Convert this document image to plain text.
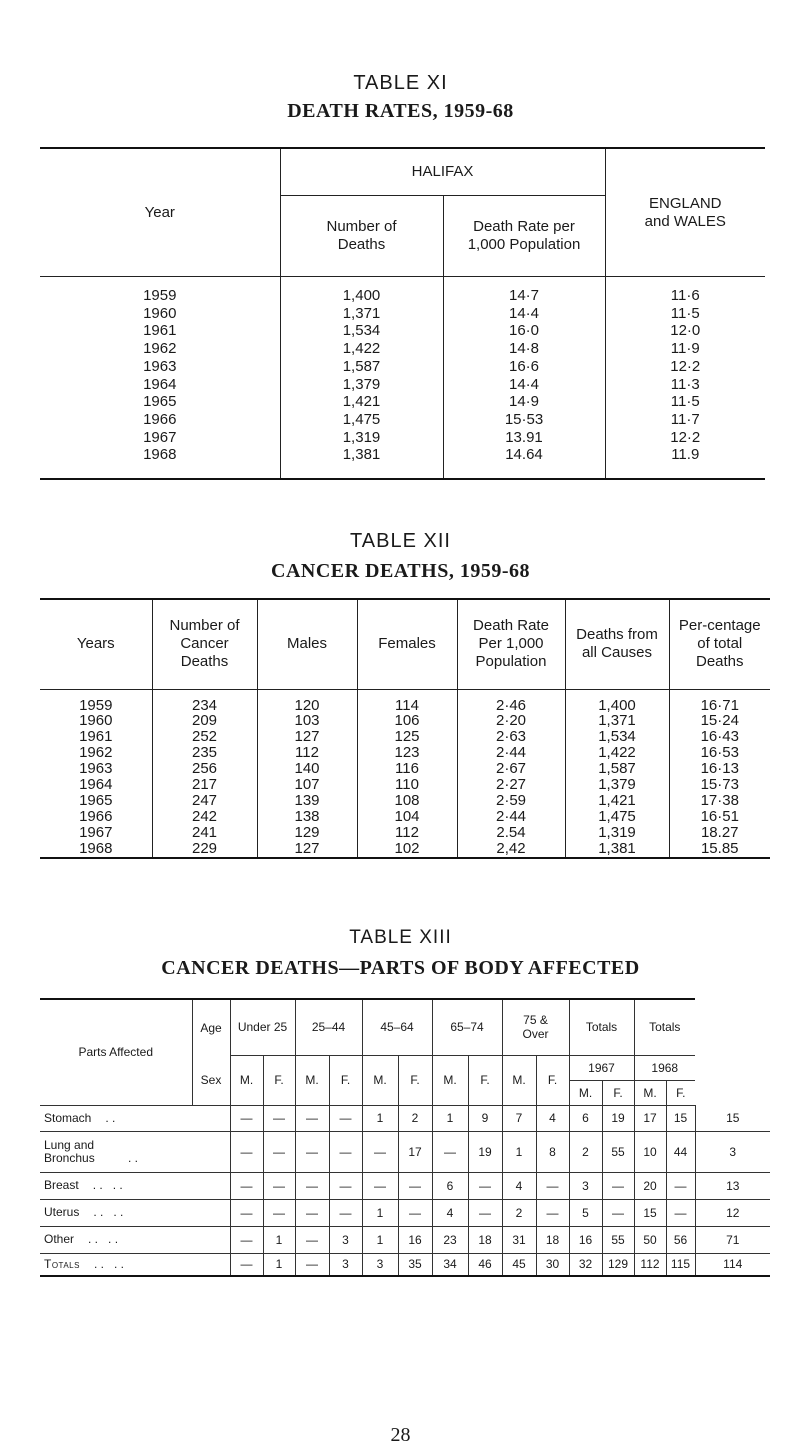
TABLE XI
DEATH RATES, 1959-68
Year	HALIFAX		ENGLAND and WALES
	Number of Deaths	Death Rate per 1,000 Population	
1959	1,400	14·7	11·6
1960	1,371	14·4	11·5
1961	1,534	16·0	12·0
1962	1,422	14·8	11·9
1963	1,587	16·6	12·2
1964	1,379	14·4	11·3
1965	1,421	14·9	11·5
1966	1,475	15·53	11·7
1967	1,319	13.91	12·2
1968	1,381	14.64	11.9
TABLE XII
CANCER DEATHS, 1959-68
Years	Number of Cancer Deaths	Males	Females	Death Rate Per 1,000 Population	Deaths from all Causes	Per-centage of total Deaths
1959	234	120	114	2·46	1,400	16·71
1960	209	103	106	2·20	1,371	15·24
1961	252	127	125	2·63	1,534	16·43
1962	235	112	123	2·44	1,422	16·53
1963	256	140	116	2·67	1,587	16·13
1964	217	107	110	2·27	1,379	15·73
1965	247	139	108	2·59	1,421	17·38
1966	242	138	104	2·44	1,475	16·51
1967	241	129	112	2.54	1,319	18.27
1968	229	127	102	2,42	1,381	15.85
TABLE XIII
CANCER DEATHS—PARTS OF BODY AFFECTED
Parts Affected	Age	Under 25		25–44		45–64		65–74		75 & Over		Totals		Totals		
	Sex	M.	F.	M.	F.	M.	F.	M.	F.	M.	F.	1967		1968		
												M.	F.	M.	F.	
Stomach . .		—	—	—	—	1	2	1	9	7	4	6	19	17	15	15
Lung and Bronchus . .		—	—	—	—	—	17	—	19	1	8	2	55	10	44	3
Breast . .   . .		—	—	—	—	—	—	6	—	4	—	3	—	20	—	13
Uterus . .   . .		—	—	—	—	1	—	4	—	2	—	5	—	15	—	12
Other . .   . .		—	1	—	3	1	16	23	18	31	18	16	55	50	56	71
Totals . .   . .		—	1	—	3	3	35	34	46	45	30	32	129	112	115	114
28
